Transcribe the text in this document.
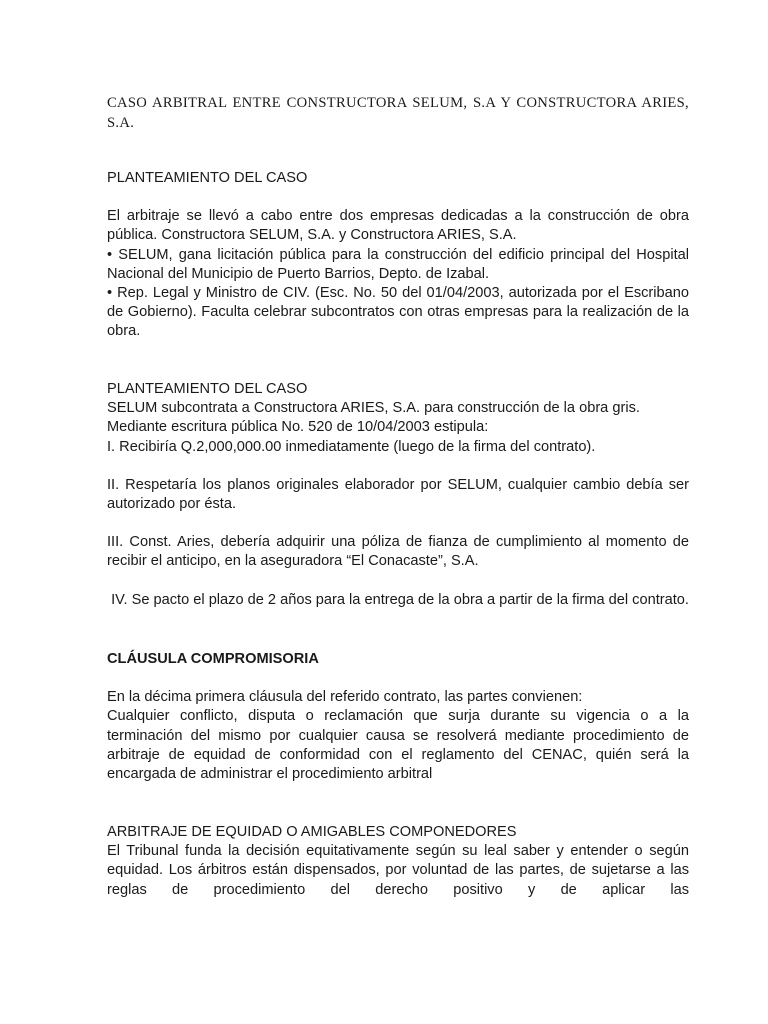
CASO ARBITRAL ENTRE CONSTRUCTORA SELUM, S.A Y CONSTRUCTORA ARIES, S.A.

PLANTEAMIENTO DEL CASO

El arbitraje se llevó a cabo entre dos empresas dedicadas a la construcción de obra pública. Constructora SELUM, S.A. y Constructora ARIES, S.A.

• SELUM, gana licitación pública para la construcción del edificio principal del Hospital Nacional del Municipio de Puerto Barrios, Depto. de Izabal.

• Rep. Legal y Ministro de CIV. (Esc. No. 50 del 01/04/2003, autorizada por el Escribano de Gobierno). Faculta celebrar subcontratos con otras empresas para la realización de la obra.

PLANTEAMIENTO DEL CASO

SELUM subcontrata a Constructora ARIES, S.A. para construcción de la obra gris.

Mediante escritura pública No. 520 de 10/04/2003 estipula:

I. Recibiría Q.2,000,000.00 inmediatamente (luego de la firma del contrato).

II. Respetaría los planos originales elaborador por SELUM, cualquier cambio debía ser autorizado por ésta.

III. Const. Aries, debería adquirir una póliza de fianza de cumplimiento al momento de recibir el anticipo, en la aseguradora “El Conacaste”, S.A.

IV. Se pacto el plazo de 2 años para la entrega de la obra a partir de la firma del contrato.

CLÁUSULA COMPROMISORIA

En la décima primera cláusula del referido contrato, las partes convienen:

Cualquier conflicto, disputa o reclamación que surja durante su vigencia o a la terminación del mismo por cualquier causa se resolverá mediante procedimiento de arbitraje de equidad de conformidad con el reglamento del CENAC, quién será la encargada de administrar el procedimiento arbitral

ARBITRAJE DE EQUIDAD O AMIGABLES COMPONEDORES

El Tribunal funda la decisión equitativamente según su leal saber y entender o según equidad. Los árbitros están dispensados, por voluntad de las partes, de sujetarse a las reglas de procedimiento del derecho positivo y de aplicar las
